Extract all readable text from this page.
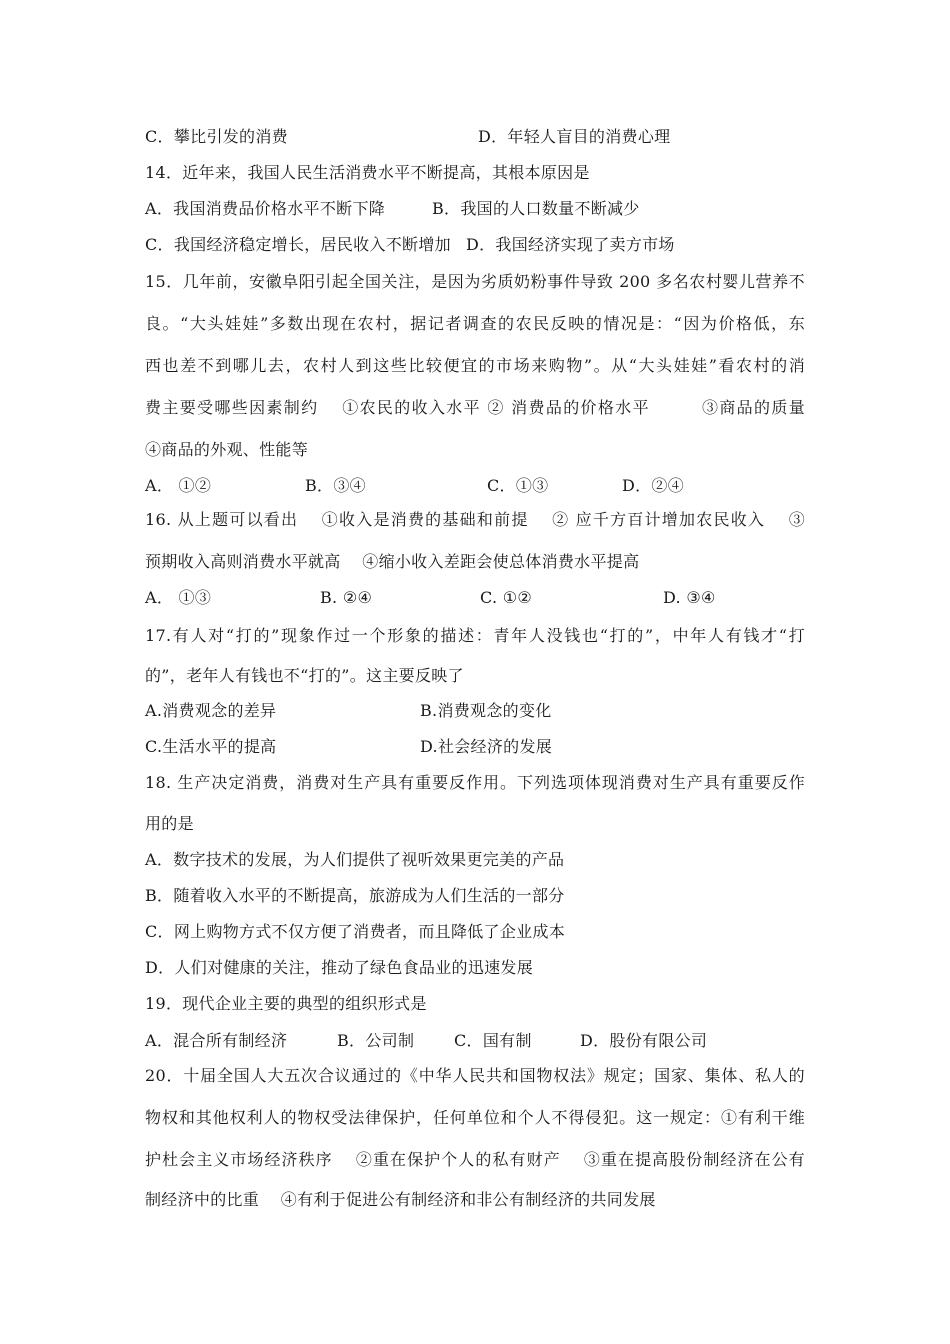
C．攀比引发的消费	D．年轻人盲目的消费心理
14．近年来，我国人民生活消费水平不断提高，其根本原因是
A．我国消费品价格水平不断下降	B．我国的人口数量不断减少
C．我国经济稳定增长，居民收入不断增加 D．我国经济实现了卖方市场
15．几年前，安徽阜阳引起全国关注，是因为劣质奶粉事件导致 200 多名农村婴儿营养不
良。“大头娃娃”多数出现在农村，据记者调查的农民反映的情况是：“因为价格低，东
西也差不到哪儿去，农村人到这些比较便宜的市场来购物”。从“大头娃娃”看农村的消
费主要受哪些因素制约　 ①农民的收入水平 ② 消费品的价格水平　　　③商品的质量
④商品的外观、性能等
A． ①②	B．③④	C．①③	D．②④
16. 从上题可以看出　 ①收入是消费的基础和前提　 ② 应千方百计增加农民收入　 ③
预期收入高则消费水平就高　 ④缩小收入差距会使总体消费水平提高
A． ①③	B. ②④	C. ①②	D. ③④
17.有人对“打的”现象作过一个形象的描述：青年人没钱也“打的”，中年人有钱才“打
的”，老年人有钱也不“打的”。这主要反映了
A.消费观念的差异	B.消费观念的变化
C.生活水平的提高	D.社会经济的发展
18. 生产决定消费，消费对生产具有重要反作用。下列选项体现消费对生产具有重要反作
用的是
A．数字技术的发展，为人们提供了视听效果更完美的产品
B．随着收入水平的不断提高，旅游成为人们生活的一部分
C．网上购物方式不仅方便了消费者，而且降低了企业成本
D．人们对健康的关注，推动了绿色食品业的迅速发展
19．现代企业主要的典型的组织形式是
A．混合所有制经济	B．公司制 C．国有制	D．股份有限公司
20．十届全国人大五次合议通过的《中华人民共和国物权法》规定；国家、集体、私人的
物权和其他权利人的物权受法律保护，任何单位和个人不得侵犯。这一规定：①有利干维
护杜会主义市场经济秩序　 ②重在保护个人的私有财产　 ③重在提高股份制经济在公有
制经济中的比重　 ④有利于促进公有制经济和非公有制经济的共同发展
